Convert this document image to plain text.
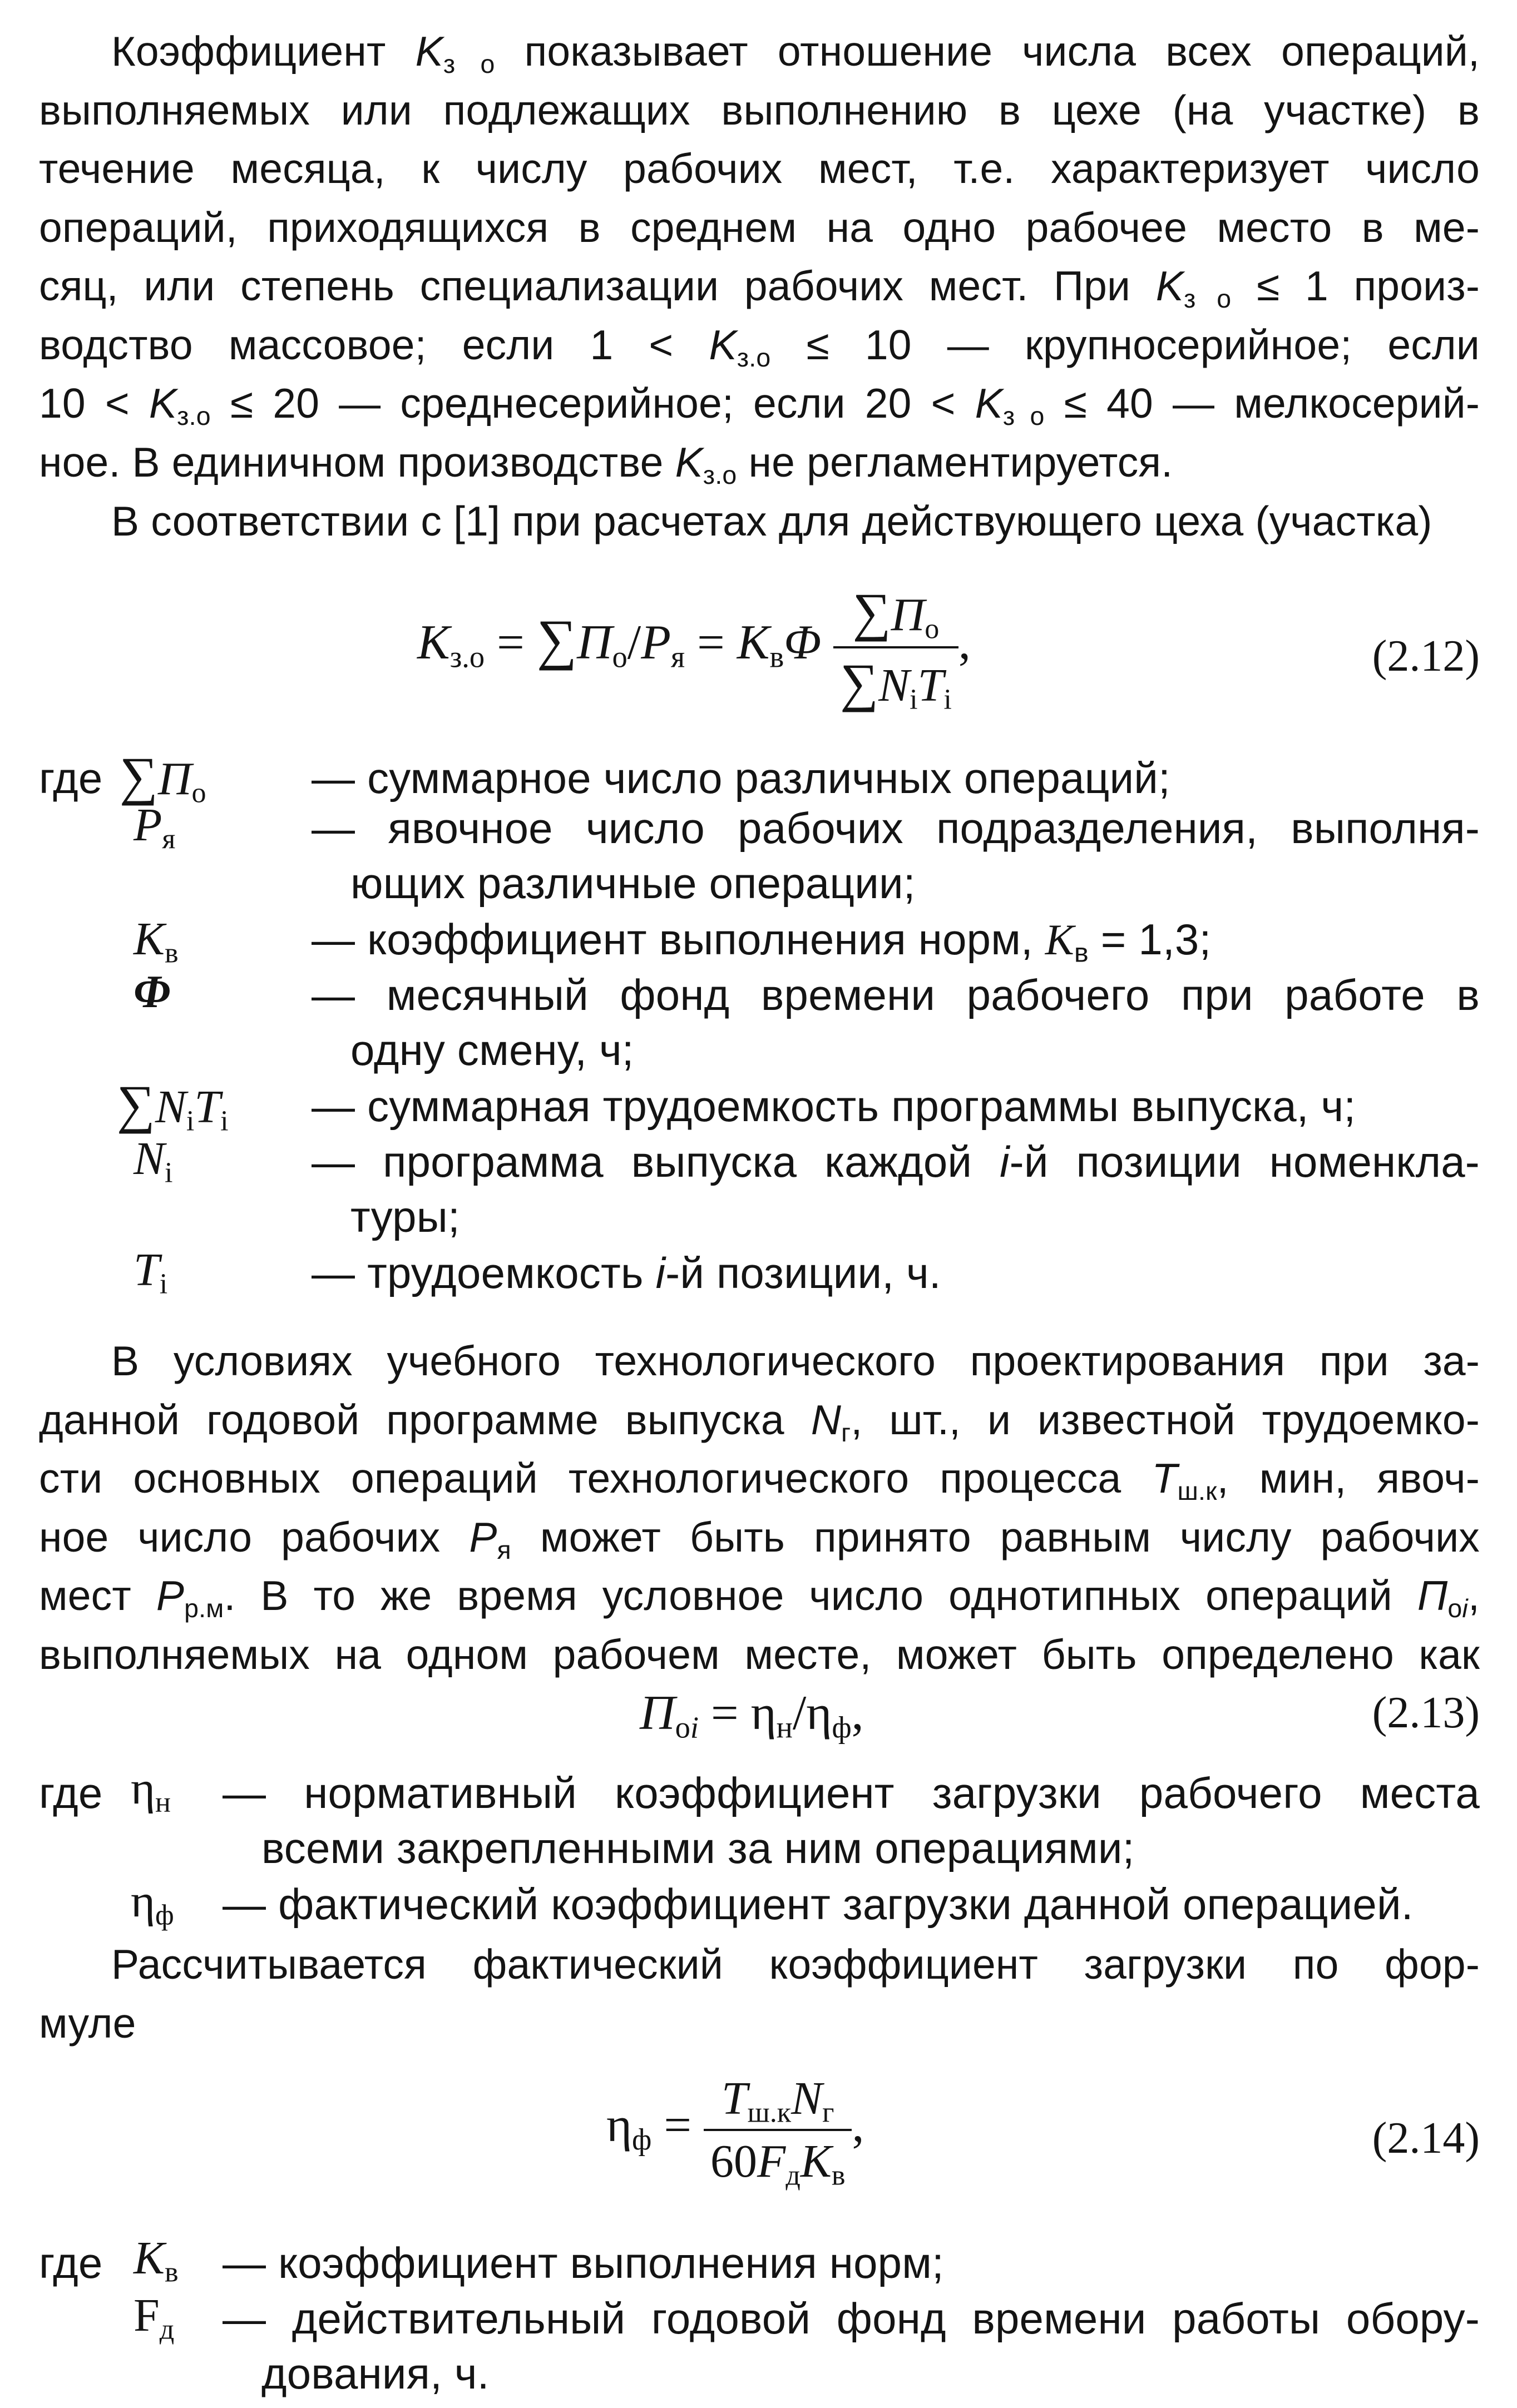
Коэффициент $K_{з о}$ показывает отношение числа всех операций,
выполняемых или подлежащих выполнению в цехе (на участке) в
течение месяца, к числу рабочих мест, т.е. характеризует число
операций, приходящихся в среднем на одно рабочее место в ме-
сяц, или степень специализации рабочих мест. При $K_{з о} \le 1$ произ-
водство массовое; если $1 < K_{з.о} \le 10$ — крупносерийное; если
$10 < K_{з.о} \le 20$ — среднесерийное; если $20 < K_{з о} \le 40$ — мелкосерий-
ное. В единичном производстве $K_{з.о}$ не регламентируется.
В соответствии с [1] при расчетах для действующего цеха (участка)
$K_{з.о} = \sum П_о/P_я = K_в\Phi \frac{\sum П_о}{\sum N_iT_i}$ ,	(2.12)
где $\sum П_о$ — суммарное число различных операций;
$P_я$	— явочное число рабочих подразделения, выполня-
ющих различные операции;
$K_в$	— коэффициент выполнения норм, $K_в = 1,3$;
Φ	— месячный фонд времени рабочего при работе в
одну смену, ч;
$\sum N_iT_i$ — суммарная трудоемкость программы выпуска, ч;
$N_i$	— программа выпуска каждой i-й позиции номенкла-
туры;
$T_i$	— трудоемкость i-й позиции, ч.
В условиях учебного технологического проектирования при за-
данной годовой программе выпуска $N_г$, шт., и известной трудоемко-
сти основных операций технологического процесса $T_{ш.к}$, мин, явоч-
ное число рабочих $P_я$ может быть принято равным числу рабочих
мест $P_{р.м}$. В то же время условное число однотипных операций $П_{оi}$,
выполняемых на одном рабочем месте, может быть определено как
$П_{оi} = \eta_н/\eta_ф$,	(2.13)
где $\eta_н$ — нормативный коэффициент загрузки рабочего места
всеми закрепленными за ним операциями;
$\eta_ф$ — фактический коэффициент загрузки данной операцией.
Рассчитывается фактический коэффициент загрузки по фор-
муле
$\eta_ф = \frac{T_{ш.к}N_г}{60F_дK_в}$ ,	(2.14)
где $K_в$ — коэффициент выполнения норм;
$F_д$ — действительный годовой фонд времени работы обору-
дования, ч.
